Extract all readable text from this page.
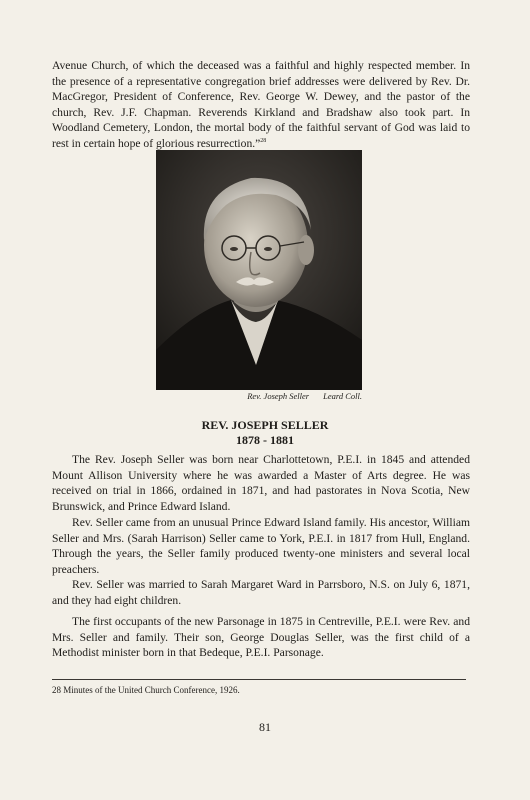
Avenue Church, of which the deceased was a faithful and highly respected member. In the presence of a representative congregation brief addresses were delivered by Rev. Dr. MacGregor, President of Conference, Rev. George W. Dewey, and the pastor of the church, Rev. J.F. Chapman. Reverends Kirkland and Bradshaw also took part. In Woodland Cemetery, London, the mortal body of the faithful servant of God was laid to rest in certain hope of glorious resurrection.”$^{28}$

Rev. Joseph Seller Leard Coll.

REV. JOSEPH SELLER

1878 - 1881

The Rev. Joseph Seller was born near Charlottetown, P.E.I. in 1845 and attended Mount Allison University where he was awarded a Master of Arts degree. He was received on trial in 1866, ordained in 1871, and had pastorates in Nova Scotia, New Brunswick, and Prince Edward Island.

Rev. Seller came from an unusual Prince Edward Island family. His ancestor, William Seller and Mrs. (Sarah Harrison) Seller came to York, P.E.I. in 1817 from Hull, England. Through the years, the Seller family produced twenty-one ministers and several local preachers.

Rev. Seller was married to Sarah Margaret Ward in Parrsboro, N.S. on July 6, 1871, and they had eight children.

The first occupants of the new Parsonage in 1875 in Centreville, P.E.I. were Rev. and Mrs. Seller and family. Their son, George Douglas Seller, was the first child of a Methodist minister born in that Bedeque, P.E.I. Parsonage.

28 Minutes of the United Church Conference, 1926.

81
